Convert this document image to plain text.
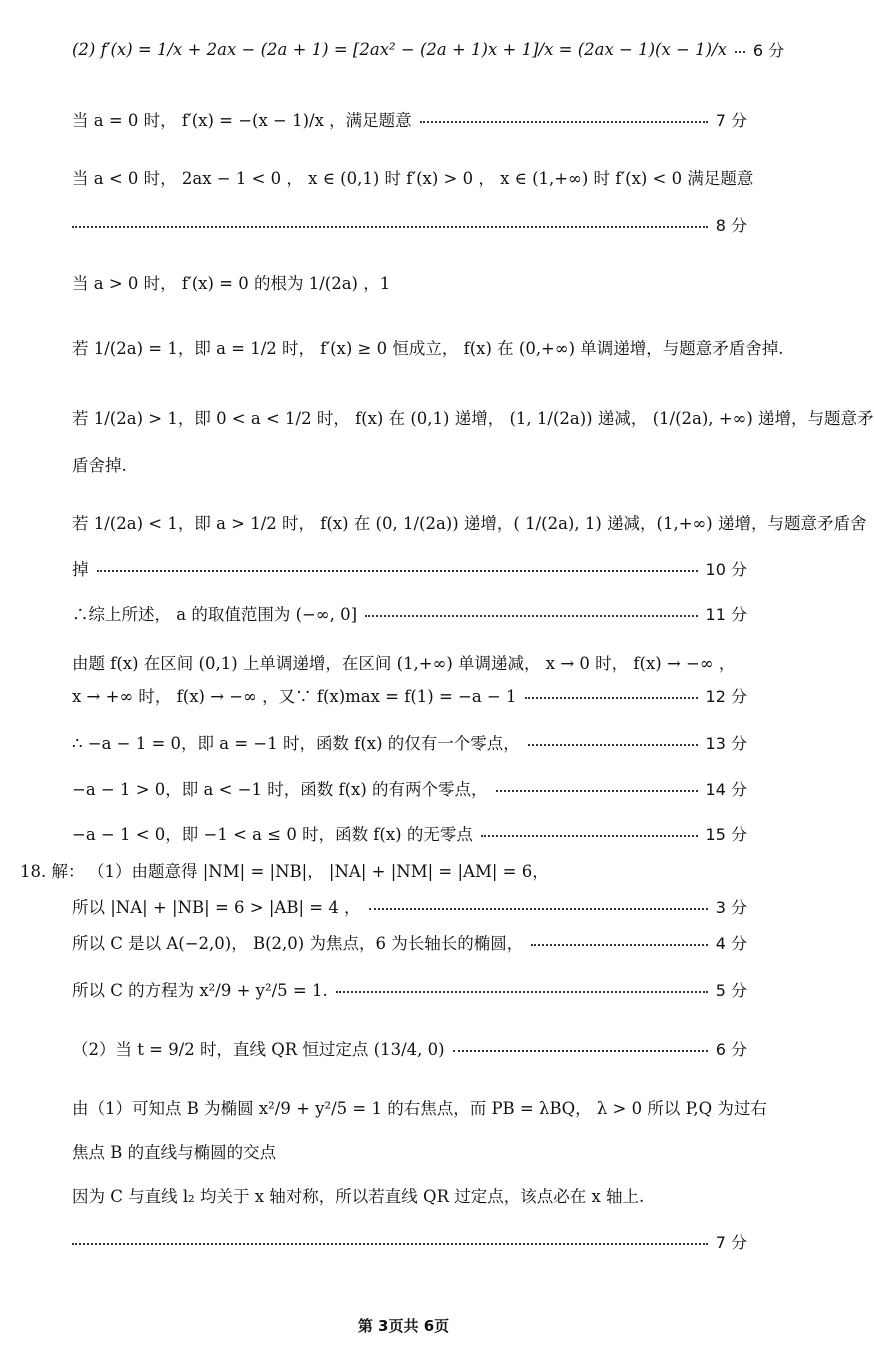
(2) f′(x) = 1/x + 2ax − (2a + 1) = [2ax² − (2a + 1)x + 1]/x = (2ax − 1)(x − 1)/x 6 分
当 a = 0 时， f′(x) = −(x − 1)/x ，满足题意	7 分
当 a < 0 时， 2ax − 1 < 0 ， x ∈ (0,1) 时 f′(x) > 0 ， x ∈ (1,+∞) 时 f′(x) < 0 满足题意
8 分
当 a > 0 时， f′(x) = 0 的根为 1/(2a) ，1
若 1/(2a) = 1，即 a = 1/2 时， f′(x) ≥ 0 恒成立， f(x) 在 (0,+∞) 单调递增，与题意矛盾舍掉.
若 1/(2a) > 1，即 0 < a < 1/2 时， f(x) 在 (0,1) 递增， (1, 1/(2a)) 递减， (1/(2a), +∞) 递增，与题意矛
盾舍掉.
若 1/(2a) < 1，即 a > 1/2 时， f(x) 在 (0, 1/(2a)) 递增，( 1/(2a), 1) 递减，(1,+∞) 递增，与题意矛盾舍
掉	10 分
∴综上所述， a 的取值范围为 (−∞, 0]	11 分
由题 f(x) 在区间 (0,1) 上单调递增，在区间 (1,+∞) 单调递减， x → 0 时， f(x) → −∞ ，
x → +∞ 时， f(x) → −∞ ，又∵ f(x)max = f(1) = −a − 1	12 分
∴ −a − 1 = 0，即 a = −1 时，函数 f(x) 的仅有一个零点，	13 分
−a − 1 > 0，即 a < −1 时，函数 f(x) 的有两个零点，	14 分
−a − 1 < 0，即 −1 < a ≤ 0 时，函数 f(x) 的无零点	15 分
18. 解： （1）由题意得 |NM| = |NB|， |NA| + |NM| = |AM| = 6，
所以 |NA| + |NB| = 6 > |AB| = 4 ，	3 分
所以 C 是以 A(−2,0)， B(2,0) 为焦点，6 为长轴长的椭圆，	4 分
所以 C 的方程为 x²/9 + y²/5 = 1.	5 分
（2）当 t = 9/2 时，直线 QR 恒过定点 (13/4, 0)	6 分
由（1）可知点 B 为椭圆 x²/9 + y²/5 = 1 的右焦点，而 PB = λBQ， λ > 0 所以 P,Q 为过右
焦点 B 的直线与椭圆的交点
因为 C 与直线 l₂ 均关于 x 轴对称，所以若直线 QR 过定点，该点必在 x 轴上.
7 分
第 3页共 6页
